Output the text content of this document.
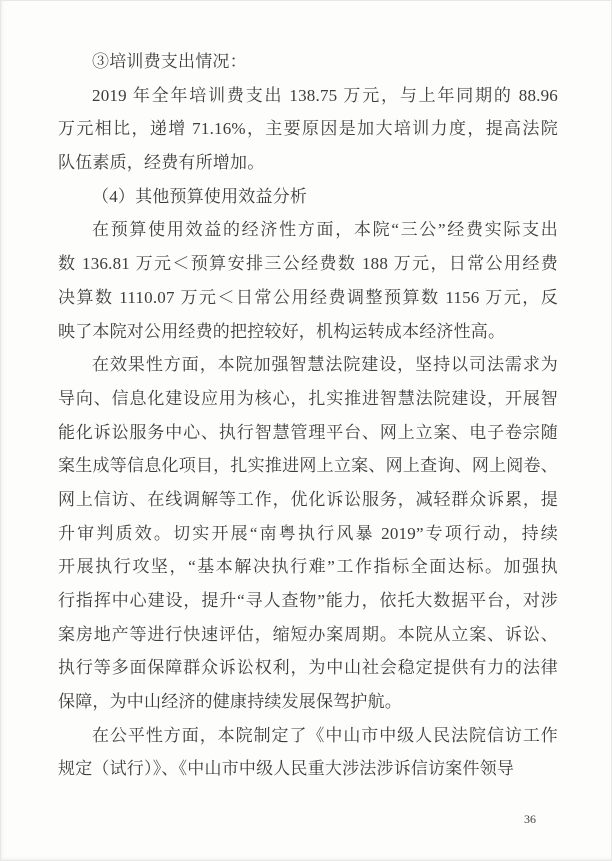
③培训费支出情况：
2019 年全年培训费支出 138.75 万元，与上年同期的 88.96
万元相比，递增 71.16%，主要原因是加大培训力度，提高法院
队伍素质，经费有所增加。
（4）其他预算使用效益分析
在预算使用效益的经济性方面，本院“三公”经费实际支出
数 136.81 万元＜预算安排三公经费数 188 万元，日常公用经费
决算数 1110.07 万元＜日常公用经费调整预算数 1156 万元，反
映了本院对公用经费的把控较好，机构运转成本经济性高。
在效果性方面，本院加强智慧法院建设，坚持以司法需求为
导向、信息化建设应用为核心，扎实推进智慧法院建设，开展智
能化诉讼服务中心、执行智慧管理平台、网上立案、电子卷宗随
案生成等信息化项目，扎实推进网上立案、网上查询、网上阅卷、
网上信访、在线调解等工作，优化诉讼服务，减轻群众诉累，提
升审判质效。切实开展“南粤执行风暴 2019”专项行动，持续
开展执行攻坚，“基本解决执行难”工作指标全面达标。加强执
行指挥中心建设，提升“寻人查物”能力，依托大数据平台，对涉
案房地产等进行快速评估，缩短办案周期。本院从立案、诉讼、
执行等多面保障群众诉讼权利，为中山社会稳定提供有力的法律
保障，为中山经济的健康持续发展保驾护航。
在公平性方面，本院制定了《中山市中级人民法院信访工作
规定（试行）》、《中山市中级人民重大涉法涉诉信访案件领导
36
